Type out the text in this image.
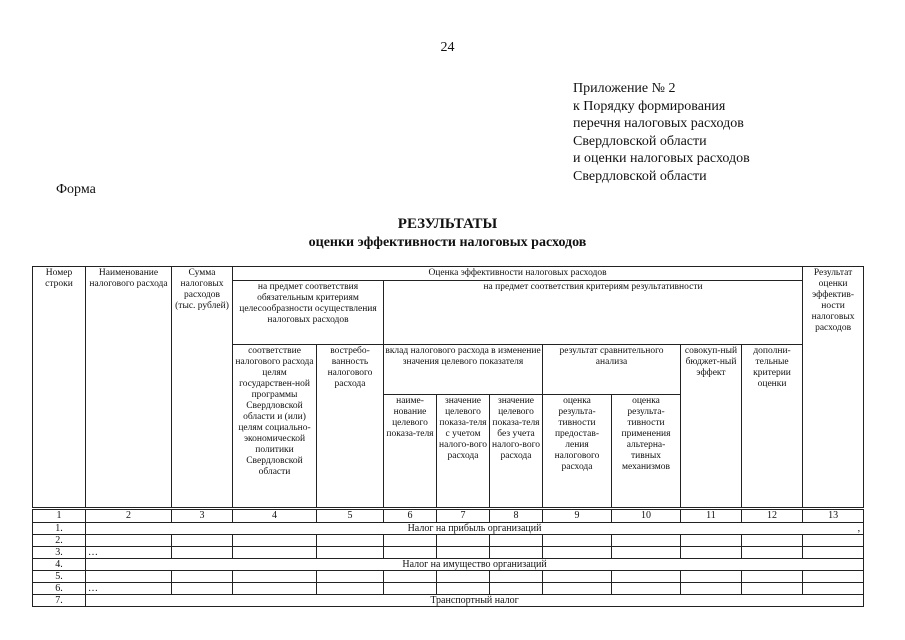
24
Приложение № 2
к Порядку формирования
перечня налоговых расходов
Свердловской области
и оценки налоговых расходов
Свердловской области
Форма
РЕЗУЛЬТАТЫ
оценки эффективности налоговых расходов
Номер строки	Наименование налогового расхода	Сумма налоговых расходов (тыс. рублей)	Оценка эффективности налоговых расходов									Результат оценки эффектив-ности налоговых расходов
			на предмет соответствия обязательным критериям целесообразности осуществления налоговых расходов		на предмет соответствия критериям результативности							
			соответствие налогового расхода целям государствен-ной программы Свердловской области и (или) целям социально-экономической политики Свердловской области	востребо-ванность налогового расхода	вклад налогового расхода в изменение значения целевого показателя			результат сравнительного анализа		совокуп-ный бюджет-ный эффект	дополни-тельные критерии оценки	
					наиме-нование целевого показа-теля	значение целевого показа-теля с учетом налого-вого расхода	значение целевого показа-теля без учета налого-вого расхода	оценка результа-тивности предостав-ления налогового расхода	оценка результа-тивности применения альтерна-тивных механизмов			
1	2	3	4	5	6	7	8	9	10	11	12	13
1.	Налог на прибыль организаций ,											

2.												
3.	…											
4.	Налог на имущество организаций											
5.												
6.	…											
7.	Транспортный налог											
